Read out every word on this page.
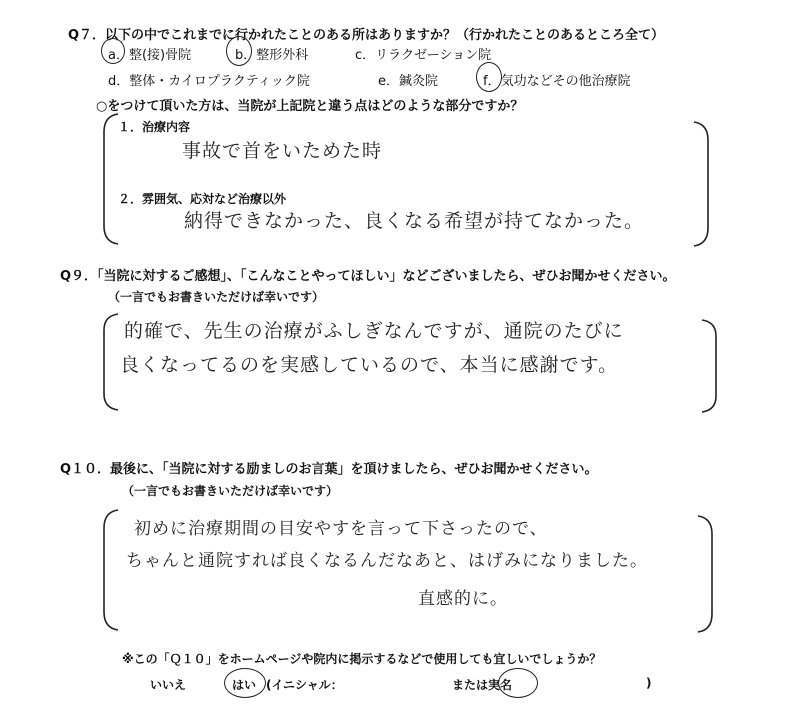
Q７．以下の中でこれまでに行かれたことのある所はありますか？（行かれたことのあるところ全て）
a．整(接)骨院	b．整形外科	c．リラクゼーション院
d．整体・カイロプラクティック院	e．鍼灸院	f．気功などその他治療院
○をつけて頂いた方は、当院が上記院と違う点はどのような部分ですか？
１．治療内容
事故で首をいためた時
２．雰囲気、応対など治療以外
納得できなかった、良くなる希望が持てなかった。
Q９．「当院に対するご感想」、「こんなことやってほしい」などございましたら、ぜひお聞かせください。
（一言でもお書きいただけば幸いです）
的確で、先生の治療がふしぎなんですが、通院のたびに
良くなってるのを実感しているので、本当に感謝です。
Q１０．最後に、「当院に対する励ましのお言葉」を頂けましたら、ぜひお聞かせください。
（一言でもお書きいただけば幸いです）
初めに治療期間の目安やすを言って下さったので、
ちゃんと通院すれば良くなるんだなあと、はげみになりました。
直感的に。
※この「Ｑ１０」をホームページや院内に掲示するなどで使用しても宜しいでしょうか？
いいえ	はい (イニシャル：	または実名	)
